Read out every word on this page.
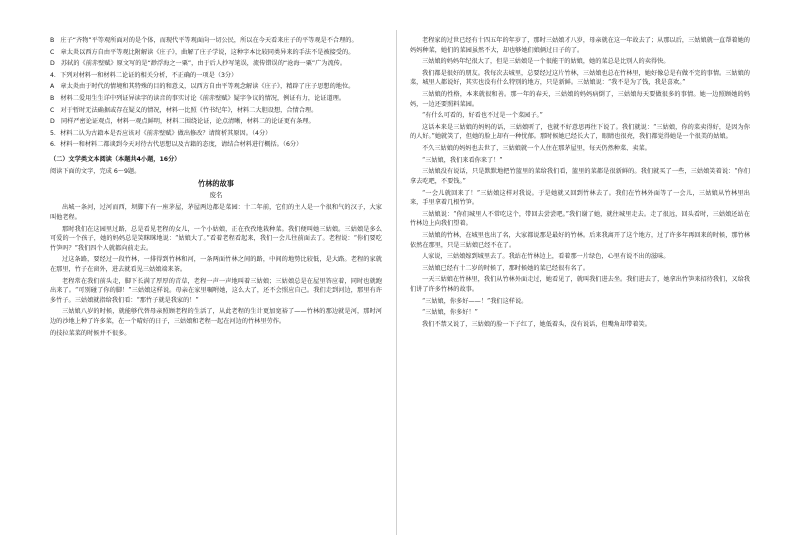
B　庄子“齐物”平等观所面对的是个体，而现代平等观面向一切公民，所以在今天看来庄子的平等观是不合理的。

C　章太炎以西方自由平等观比附解读《庄子》，曲解了庄子学说，这种字本比较同类异来的手法不是被接受的。

D　苏轼的《前赤壁赋》原文写的是“渺浮海之一粟”，由于后人抄写笔误，流传错误的“沧海一粟”广为流传。

4．下列对材料一和材料二论证的相关分析，不正确的一项是（3分）

A　章太炎由于时代的情境和其特殊的目的和意义，以西方自由平等观念解读《庄子》，精辟了庄子思想的地位。

B　材料二爱用生生详中列证异读字的读音的事实讨论《前赤壁赋》疑字争议的情况，例证有力，论证道理。

C　对于暂时无法确据或存在疑义的情况，材料一比照《竹书纪年》，材料二大胆设想，合情合理。

D　同样严密论证观点，材料一观点鲜明，材料二围绕论证，论点清晰，材料二的论证更有条理。

5．材料二认为古籍本是否应该对《前赤壁赋》做出修改？请简析其原因。（4分）

6．材料一和材料二都谈到今天对待古代思想以及古籍的态度，请结合材料进行概括。（6分）

（二）文学类文本阅读（本题共4小题，16分）

阅读下面的文字，完成 6～9题。

竹林的故事

废名

出城一条河，过河而西，坝脚下有一座茅屋，茅屋两边都是菜园：十二年前，它们的主人是一个很和气的汉子，大家叫他老程。

那时我们在这园里过路，总是看见老程的女儿，一个小姑娘，正在孜孜地栽种菜。我们便叫她三姑娘。三姑娘是多么可爱的一个孩子，她的妈妈总是笑眯眯地说：“姑娘大了。”看着老程看起来，我们一会儿往前面去了。老程说：“你们要吃竹笋吗？”我们四个人就都向前走去。

过这条路，要经过一段竹林，一排得到竹林和河，一条两面竹林之间的路，中间的地势比较低，是大路。老程的家就在那里，竹子在窗外，进去就看见三姑娘端来茶。

老程常在我们前头走，脚下长满了厚厚的青草，老程一声一声地叫着三姑娘；三姑娘总是在屋里答应着，同时也就跑出来了。“可别碰了你的脚！”三姑娘这样说。母亲在家里嘱咐她，这么大了，还不会照应自己。我们走到河边，那里有许多竹子。三姑娘就指给我们看：“那竹子就是我家的！”

三姑娘八岁的时候，就能够代替母亲照顾老程的生活了，从此老程的生计更加宽裕了——竹林的那边就是河，那时河边的沙地上种了许多菜，在一个晴好的日子，三姑娘和老程一起在河边的竹林里劳作。

的技拉菜菜的时候并不很多。

老程家的过世已经有十四五年的年岁了，那时三姑娘才八岁，母亲就在这一年故去了；从那以后，三姑娘就一直帮着她的妈妈种菜，她们的菜园虽然不大，却也够她们娘俩过日子的了。

三姑娘的妈妈年纪很大了，但是三姑娘是一个很能干的姑娘，她的菜总是比别人的卖得快。

我们都是很好的朋友。我每次去城里，总要经过这片竹林，三姑娘也总在竹林里，她好像总是有做不完的事情。三姑娘的菜，城里人都说好，其实也没有什么特别的地方，只是新鲜。三姑娘说：“我不是为了钱，我是喜欢。”

三姑娘的性格，本来就很和善。那一年的春天，三姑娘的妈妈病倒了，三姑娘每天要做很多的事情。她一边照顾她的妈妈，一边还要照料菜园。

“有什么可看的，好看也不过是一个菜园子。”

这话本来是三姑娘的妈妈的话，三姑娘听了，也就不好意思再往下说了。我们就说：“三姑娘，你的菜卖得好，是因为你的人好。”她就笑了，但她的脸上却有一种忧郁。那时候她已经长大了，眼睛也很亮，我们都觉得她是一个很美的姑娘。

不久三姑娘的妈妈也去世了，三姑娘就一个人住在那茅屋里，每天仍然种菜、卖菜。

“三姑娘，我们来看你来了！”

三姑娘没有说话，只是默默地把竹篮里的菜给我们看，篮里的菜都是很新鲜的。我们就买了一些，三姑娘笑着说：“你们拿去吃吧，不要钱。”

“一会儿就回来了！”三姑娘这样对我说。于是她就又回到竹林去了。我们在竹林外面等了一会儿，三姑娘从竹林里出来，手里拿着几根竹笋。

三姑娘说：“你们城里人不常吃这个，带回去尝尝吧。”我们谢了她，就往城里走去。走了很远，回头看时，三姑娘还站在竹林边上向我们望着。

三姑娘的竹林，在城里也出了名，大家都说那是最好的竹林。后来我离开了这个地方，过了许多年再回来的时候，那竹林依然在那里，只是三姑娘已经不在了。

人家说，三姑娘嫁到城里去了。我站在竹林边上，看着那一片绿色，心里有说不出的滋味。

三姑娘已经有十二岁的时候了，那时候她的菜已经很有名了。

一天三姑娘在竹林里，我们从竹林外面走过，她看见了，就叫我们进去坐。我们进去了，她拿出竹笋来招待我们，又给我们讲了许多竹林的故事。

“三姑娘，你多好——！”我们这样说。

“三姑娘，你多好！”

我们不禁又说了，三姑娘的脸一下子红了，她低着头，没有说话，但嘴角却带着笑。
